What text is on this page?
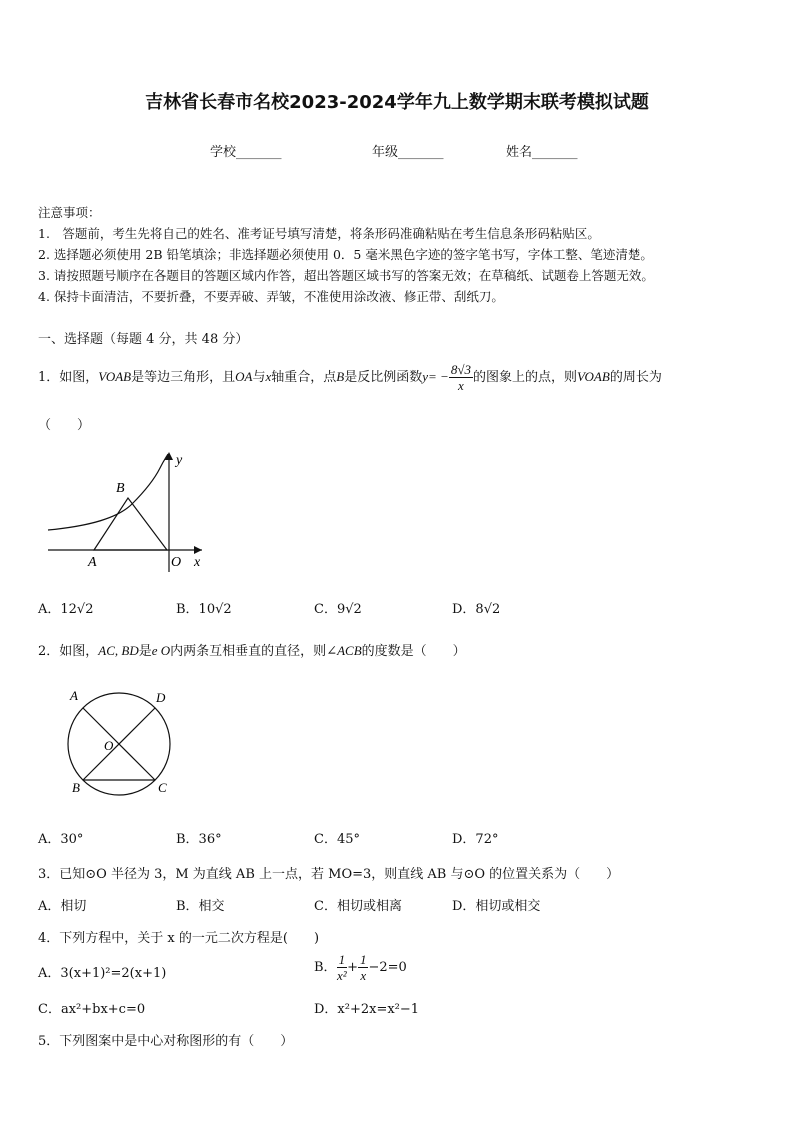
吉林省长春市名校2023-2024学年九上数学期末联考模拟试题
学校_______	年级_______	姓名_______
注意事项：
1.　答题前，考生先将自己的姓名、准考证号填写清楚，将条形码准确粘贴在考生信息条形码粘贴区。
2. 选择题必须使用 2B 铅笔填涂；非选择题必须使用 0．5 毫米黑色字迹的签字笔书写，字体工整、笔迹清楚。
3. 请按照题号顺序在各题目的答题区域内作答，超出答题区域书写的答案无效；在草稿纸、试题卷上答题无效。
4. 保持卡面清洁，不要折叠，不要弄破、弄皱，不准使用涂改液、修正带、刮纸刀。
一、选择题（每题 4 分，共 48 分）
1．如图，VOAB是等边三角形，且OA与x轴重合，点B是反比例函数$y= - \frac{8√3}{x}$ 的图象上的点，则VOAB的周长为
（　　）
y
B
A	O x
A．12√2	B．10√2	C．9√2	D．8√2
2．如图，AC, BD是e O内两条互相垂直的直径，则∠ACB的度数是（　　）
A	D
O
B	C
A．30°	B．36°	C．45°	D．72°
3．已知⊙O 半径为 3，M 为直线 AB 上一点，若 MO=3，则直线 AB 与⊙O 的位置关系为（　　）
A．相切	B．相交	C．相切或相离	D．相切或相交
4．下列方程中，关于 x 的一元二次方程是(　　)
A．3(x+1)²=2(x+1)	B． $\frac{1}{\text{x²}} + \frac{1}{x} -2=0$
C．ax²+bx+c=0	D．x²+2x=x²−1
5．下列图案中是中心对称图形的有（　　）
